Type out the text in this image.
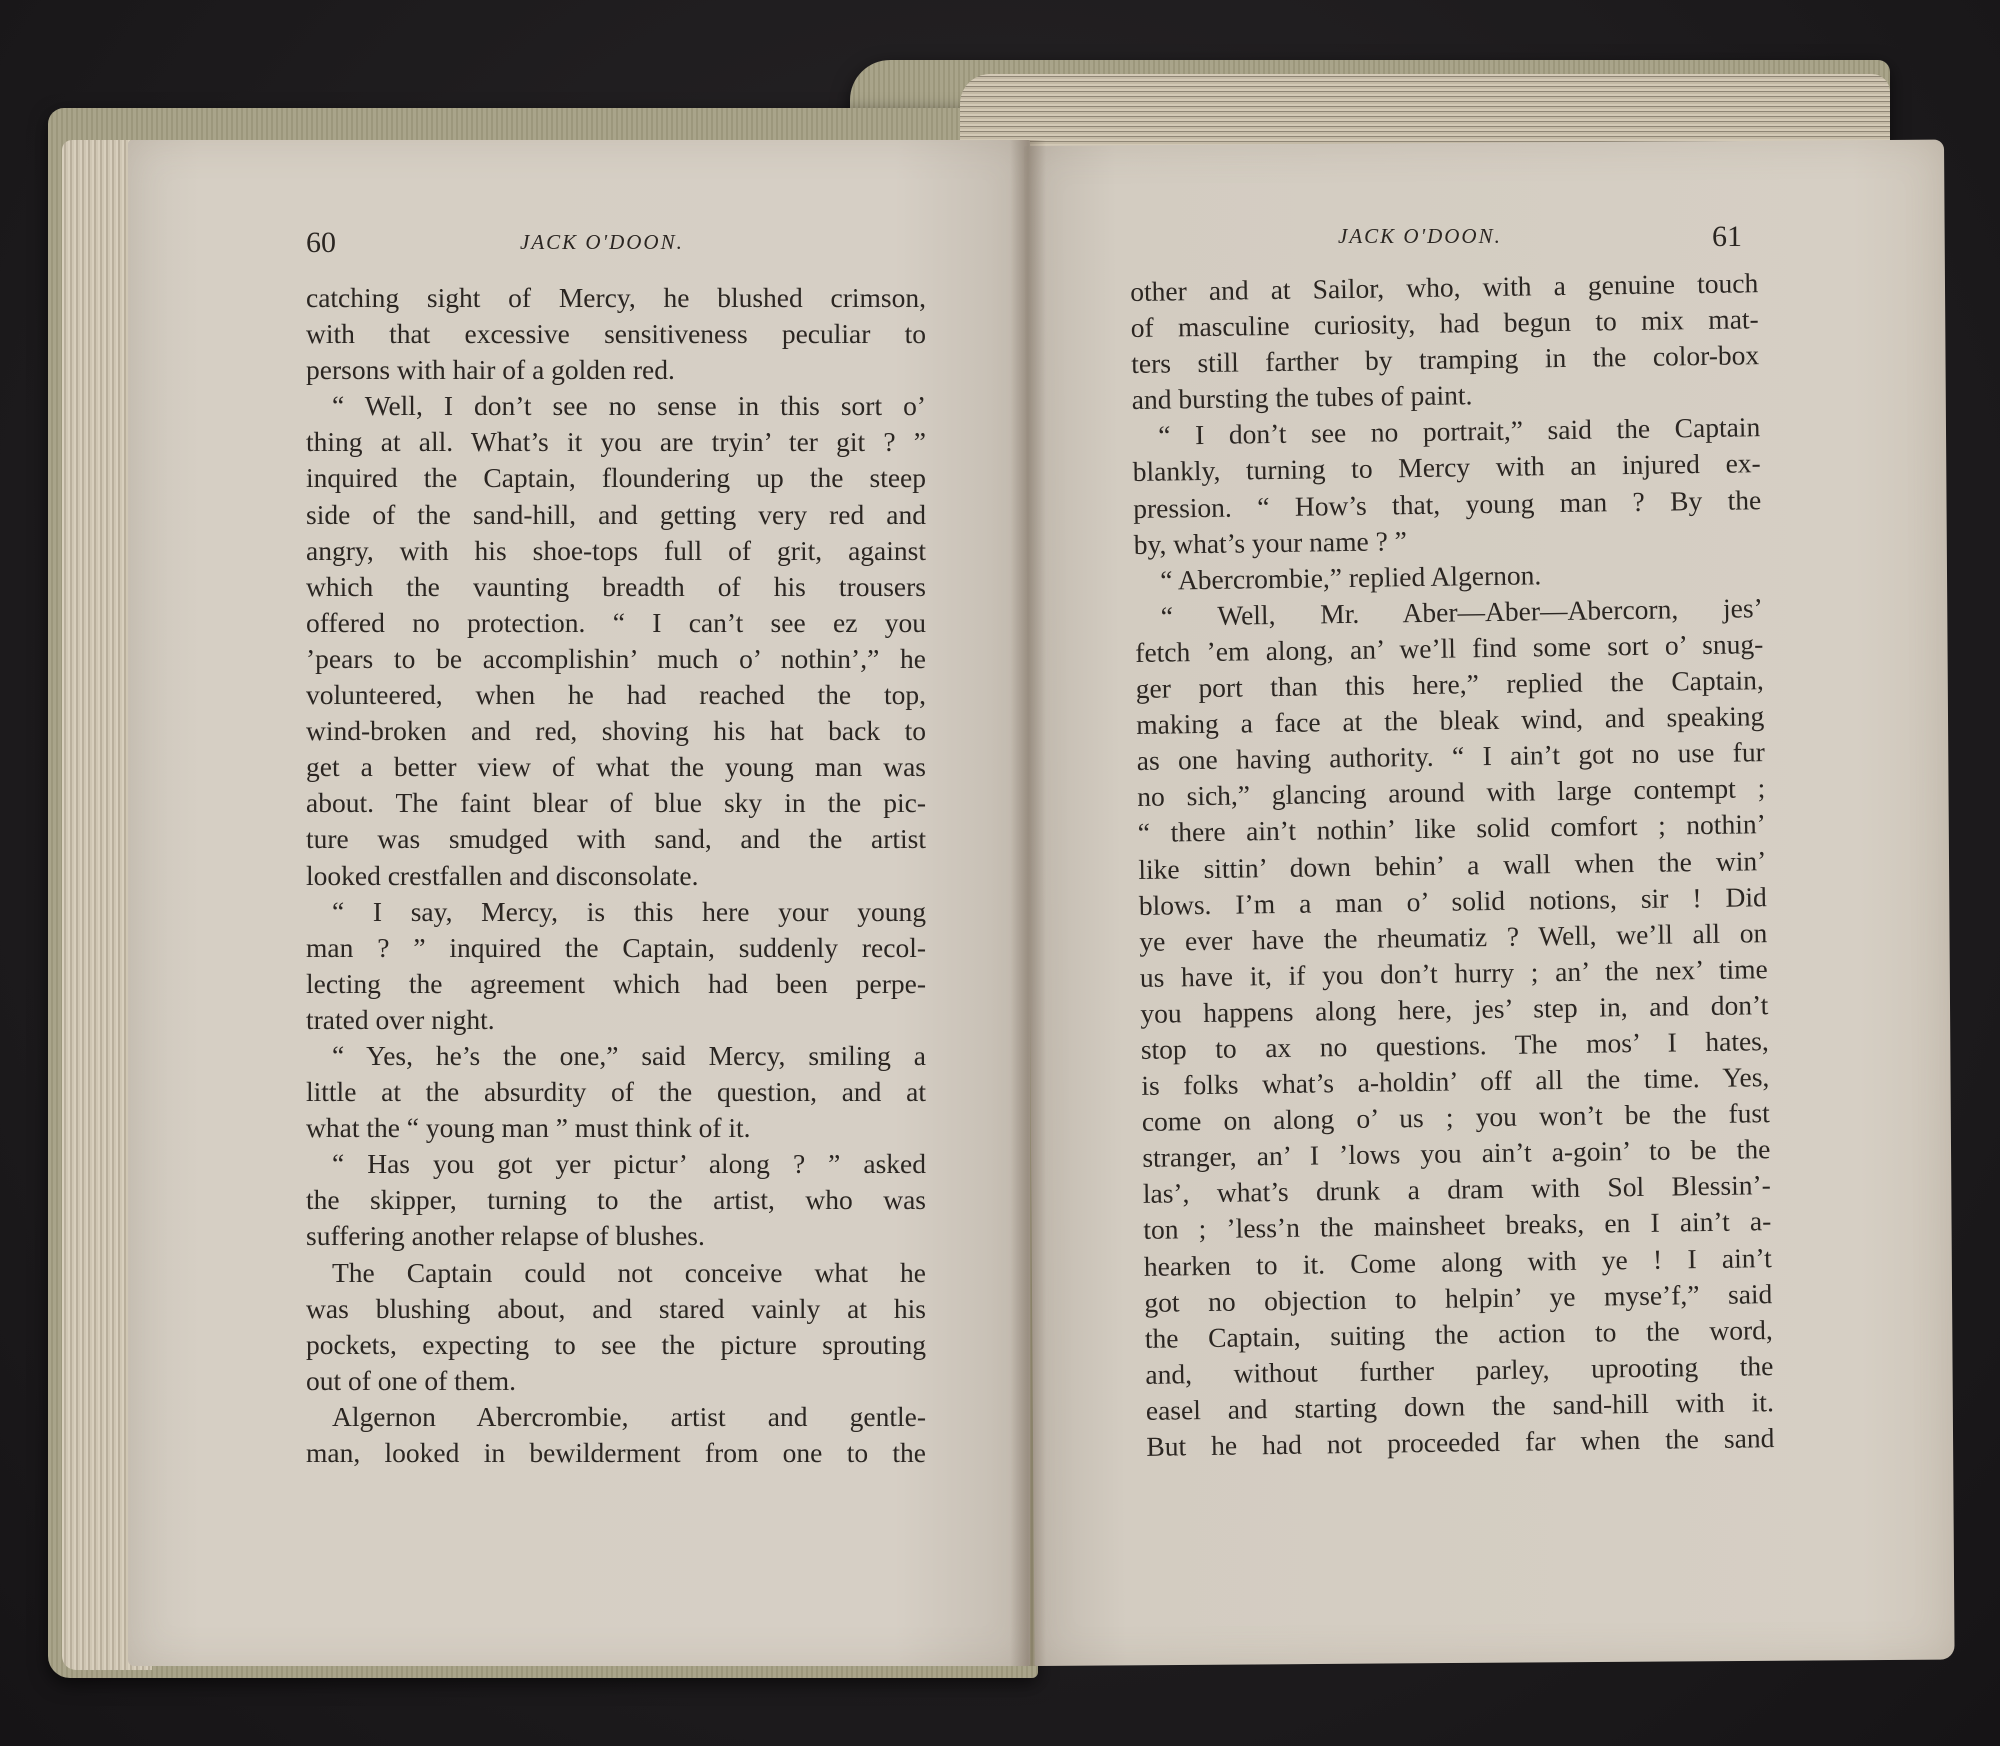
60	JACK O'DOON.	JACK O'DOON.	61
catching sight of Mercy, he blushed crimson,
with that excessive sensitiveness peculiar to
persons with hair of a golden red.
“ Well, I don’t see no sense in this sort o’
thing at all. What’s it you are tryin’ ter git ? ”
inquired the Captain, floundering up the steep
side of the sand-hill, and getting very red and
angry, with his shoe-tops full of grit, against
which the vaunting breadth of his trousers
offered no protection. “ I can’t see ez you
’pears to be accomplishin’ much o’ nothin’,” he
volunteered, when he had reached the top,
wind-broken and red, shoving his hat back to
get a better view of what the young man was
about. The faint blear of blue sky in the pic-
ture was smudged with sand, and the artist
looked crestfallen and disconsolate.
“ I say, Mercy, is this here your young
man ? ” inquired the Captain, suddenly recol-
lecting the agreement which had been perpe-
trated over night.
“ Yes, he’s the one,” said Mercy, smiling a
little at the absurdity of the question, and at
what the “ young man ” must think of it.
“ Has you got yer pictur’ along ? ” asked
the skipper, turning to the artist, who was
suffering another relapse of blushes.
The Captain could not conceive what he
was blushing about, and stared vainly at his
pockets, expecting to see the picture sprouting
out of one of them.
Algernon Abercrombie, artist and gentle-
man, looked in bewilderment from one to the
other and at Sailor, who, with a genuine touch
of masculine curiosity, had begun to mix mat-
ters still farther by tramping in the color-box
and bursting the tubes of paint.
“ I don’t see no portrait,” said the Captain
blankly, turning to Mercy with an injured ex-
pression. “ How’s that, young man ? By the
by, what’s your name ? ”
“ Abercrombie,” replied Algernon.
“ Well, Mr. Aber—Aber—Abercorn, jes’
fetch ’em along, an’ we’ll find some sort o’ snug-
ger port than this here,” replied the Captain,
making a face at the bleak wind, and speaking
as one having authority. “ I ain’t got no use fur
no sich,” glancing around with large contempt ;
“ there ain’t nothin’ like solid comfort ; nothin’
like sittin’ down behin’ a wall when the win’
blows. I’m a man o’ solid notions, sir ! Did
ye ever have the rheumatiz ? Well, we’ll all on
us have it, if you don’t hurry ; an’ the nex’ time
you happens along here, jes’ step in, and don’t
stop to ax no questions. The mos’ I hates,
is folks what’s a-holdin’ off all the time. Yes,
come on along o’ us ; you won’t be the fust
stranger, an’ I ’lows you ain’t a-goin’ to be the
las’, what’s drunk a dram with Sol Blessin’-
ton ; ’less’n the mainsheet breaks, en I ain’t a-
hearken to it. Come along with ye ! I ain’t
got no objection to helpin’ ye myse’f,” said
the Captain, suiting the action to the word,
and, without further parley, uprooting the
easel and starting down the sand-hill with it.
But he had not proceeded far when the sand
